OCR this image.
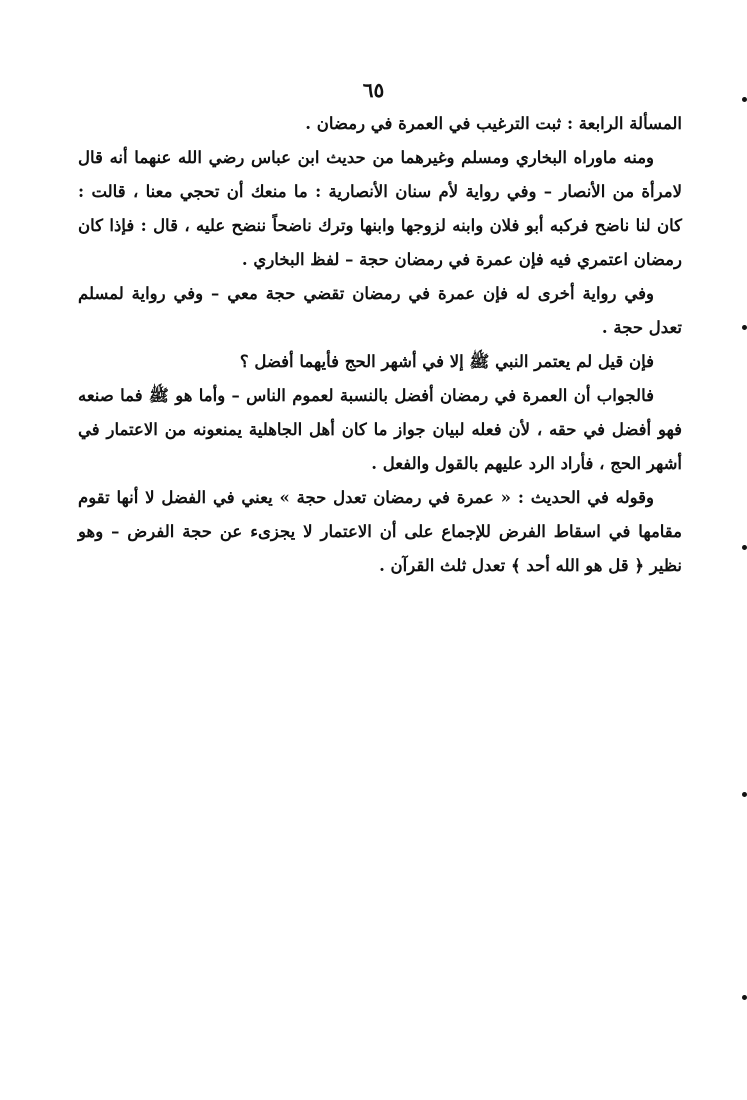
٦٥

المسألة الرابعة : ثبت الترغيب في العمرة في رمضان .

ومنه ماوراه البخاري ومسلم وغيرهما من حديث ابن عباس رضي الله عنهما أنه قال لامرأة من الأنصار – وفي رواية لأم سنان الأنصارية : ما منعك أن تحجي معنا ، قالت : كان لنا ناضح فركبه أبو فلان وابنه لزوجها وابنها وترك ناضحاً ننضح عليه ، قال : فإذا كان رمضان اعتمري فيه فإن عمرة في رمضان حجة – لفظ البخاري .

وفي رواية أخرى له فإن عمرة في رمضان تقضي حجة معي – وفي رواية لمسلم تعدل حجة .

فإن قيل لم يعتمر النبي ﷺ إلا في أشهر الحج فأيهما أفضل ؟

فالجواب أن العمرة في رمضان أفضل بالنسبة لعموم الناس – وأما هو ﷺ فما صنعه فهو أفضل في حقه ، لأن فعله لبيان جواز ما كان أهل الجاهلية يمنعونه من الاعتمار في أشهر الحج ، فأراد الرد عليهم بالقول والفعل .

وقوله في الحديث : « عمرة في رمضان تعدل حجة » يعني في الفضل لا أنها تقوم مقامها في اسقاط الفرض للإجماع على أن الاعتمار لا يجزىء عن حجة الفرض – وهو نظير ﴿ قل هو الله أحد ﴾ تعدل ثلث القرآن .
